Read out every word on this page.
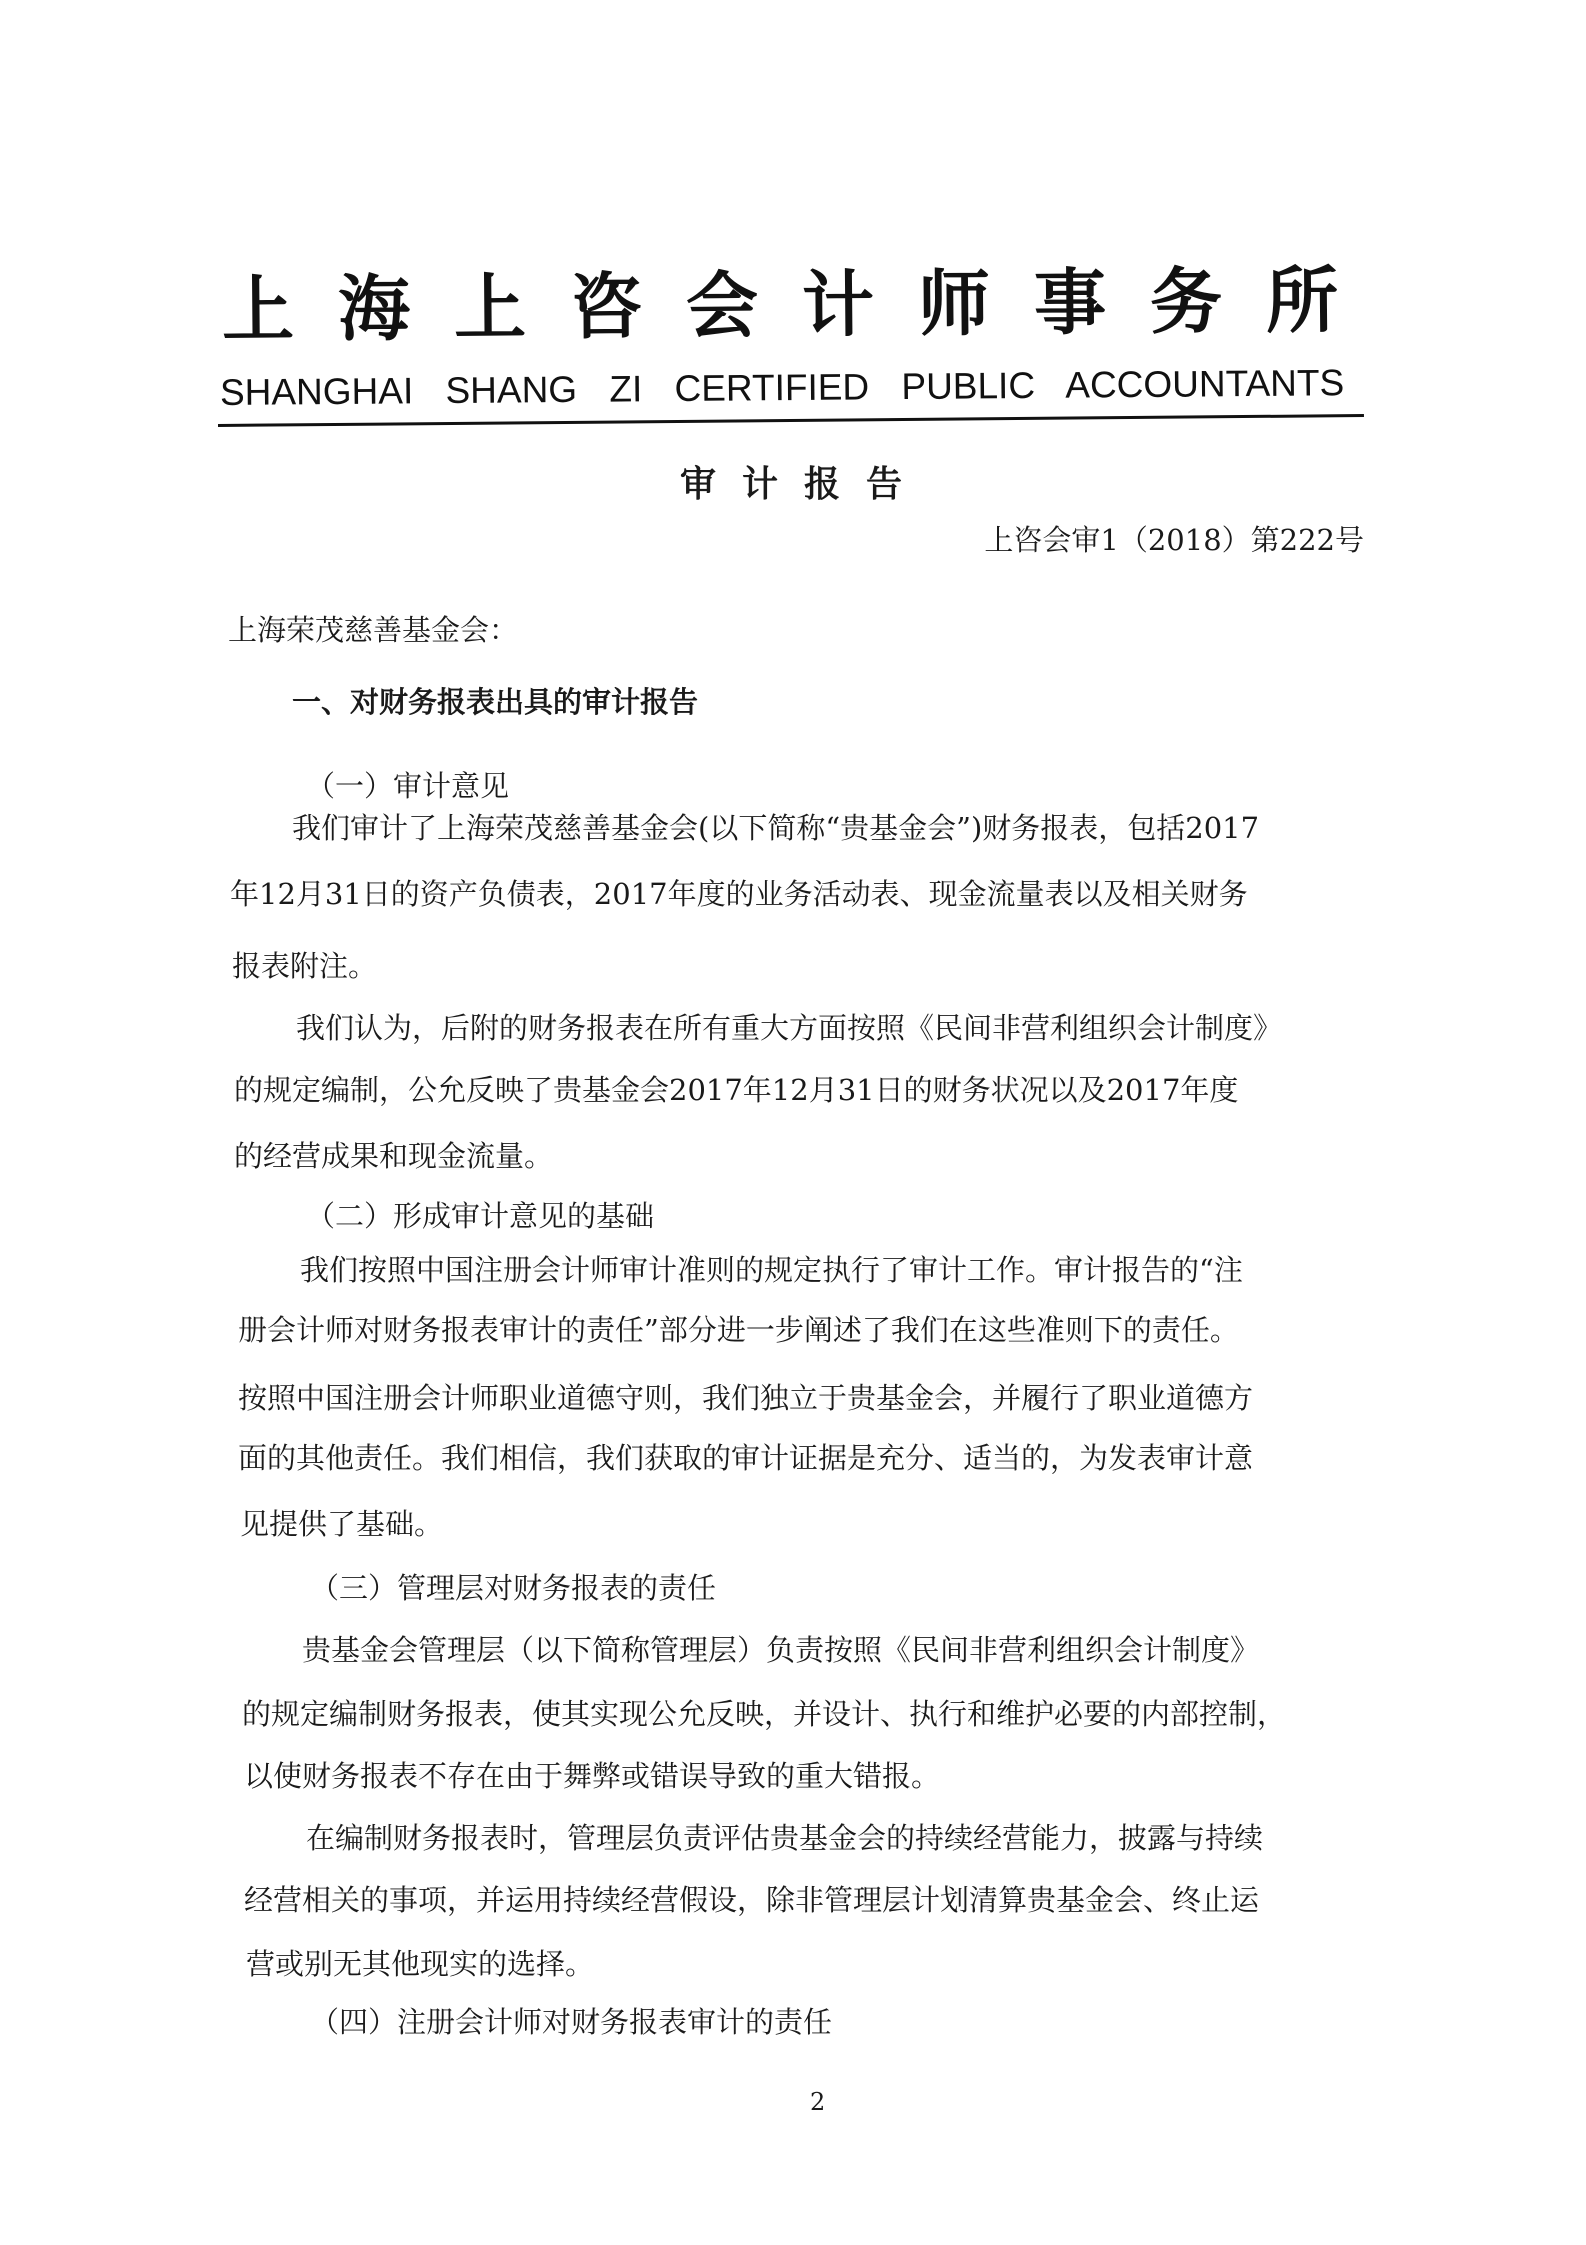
上海上咨会计师事务所
SHANGHAI SHANG ZI CERTIFIED PUBLIC ACCOUNTANTS
审计报告
上咨会审1（2018）第222号
上海荣茂慈善基金会：
一、对财务报表出具的审计报告
（一）审计意见
我们审计了上海荣茂慈善基金会(以下简称“贵基金会”)财务报表，包括2017
年12月31日的资产负债表，2017年度的业务活动表、现金流量表以及相关财务
报表附注。
我们认为，后附的财务报表在所有重大方面按照《民间非营利组织会计制度》
的规定编制，公允反映了贵基金会2017年12月31日的财务状况以及2017年度
的经营成果和现金流量。
（二）形成审计意见的基础
我们按照中国注册会计师审计准则的规定执行了审计工作。审计报告的“注
册会计师对财务报表审计的责任”部分进一步阐述了我们在这些准则下的责任。
按照中国注册会计师职业道德守则，我们独立于贵基金会，并履行了职业道德方
面的其他责任。我们相信，我们获取的审计证据是充分、适当的，为发表审计意
见提供了基础。
（三）管理层对财务报表的责任
贵基金会管理层（以下简称管理层）负责按照《民间非营利组织会计制度》
的规定编制财务报表，使其实现公允反映，并设计、执行和维护必要的内部控制，
以使财务报表不存在由于舞弊或错误导致的重大错报。
在编制财务报表时，管理层负责评估贵基金会的持续经营能力，披露与持续
经营相关的事项，并运用持续经营假设，除非管理层计划清算贵基金会、终止运
营或别无其他现实的选择。
（四）注册会计师对财务报表审计的责任
2
